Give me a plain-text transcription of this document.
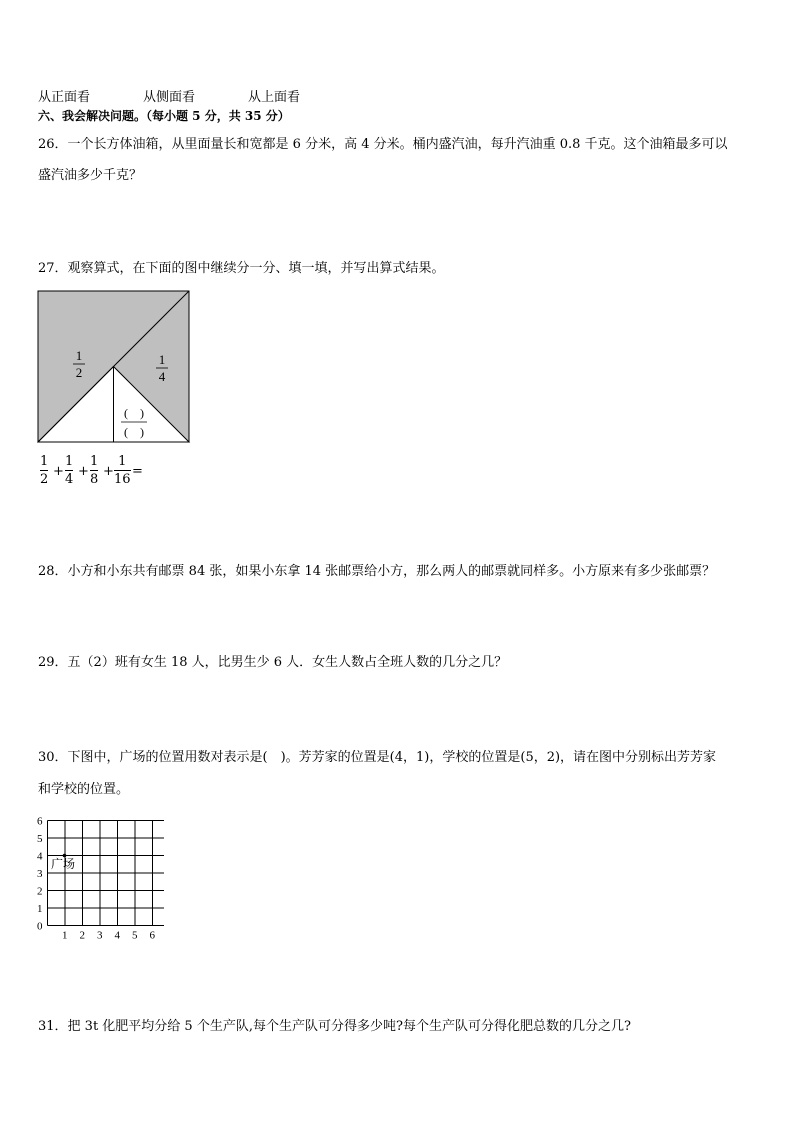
从正面看	从侧面看	从上面看
六、我会解决问题。（每小题 5 分，共 35 分）
26．一个长方体油箱，从里面量长和宽都是 6 分米，高 4 分米。桶内盛汽油，每升汽油重 0.8 千克。这个油箱最多可以
盛汽油多少千克？
27．观察算式，在下面的图中继续分一分、填一填，并写出算式结果。
1
2
1
4
(　)
(　)
1
2
+
1
4
+
1
8
+
1
16
=
28．小方和小东共有邮票 84 张，如果小东拿 14 张邮票给小方，那么两人的邮票就同样多。小方原来有多少张邮票？
29．五（2）班有女生 18 人，比男生少 6 人．女生人数占全班人数的几分之几？
30．下图中，广场的位置用数对表示是(　)。芳芳家的位置是(4，1)，学校的位置是(5，2)，请在图中分别标出芳芳家
和学校的位置。
6
5
4
3
2
1
0
1 2 3 4 5 6
广场
31．把 3t 化肥平均分给 5 个生产队,每个生产队可分得多少吨?每个生产队可分得化肥总数的几分之几?
